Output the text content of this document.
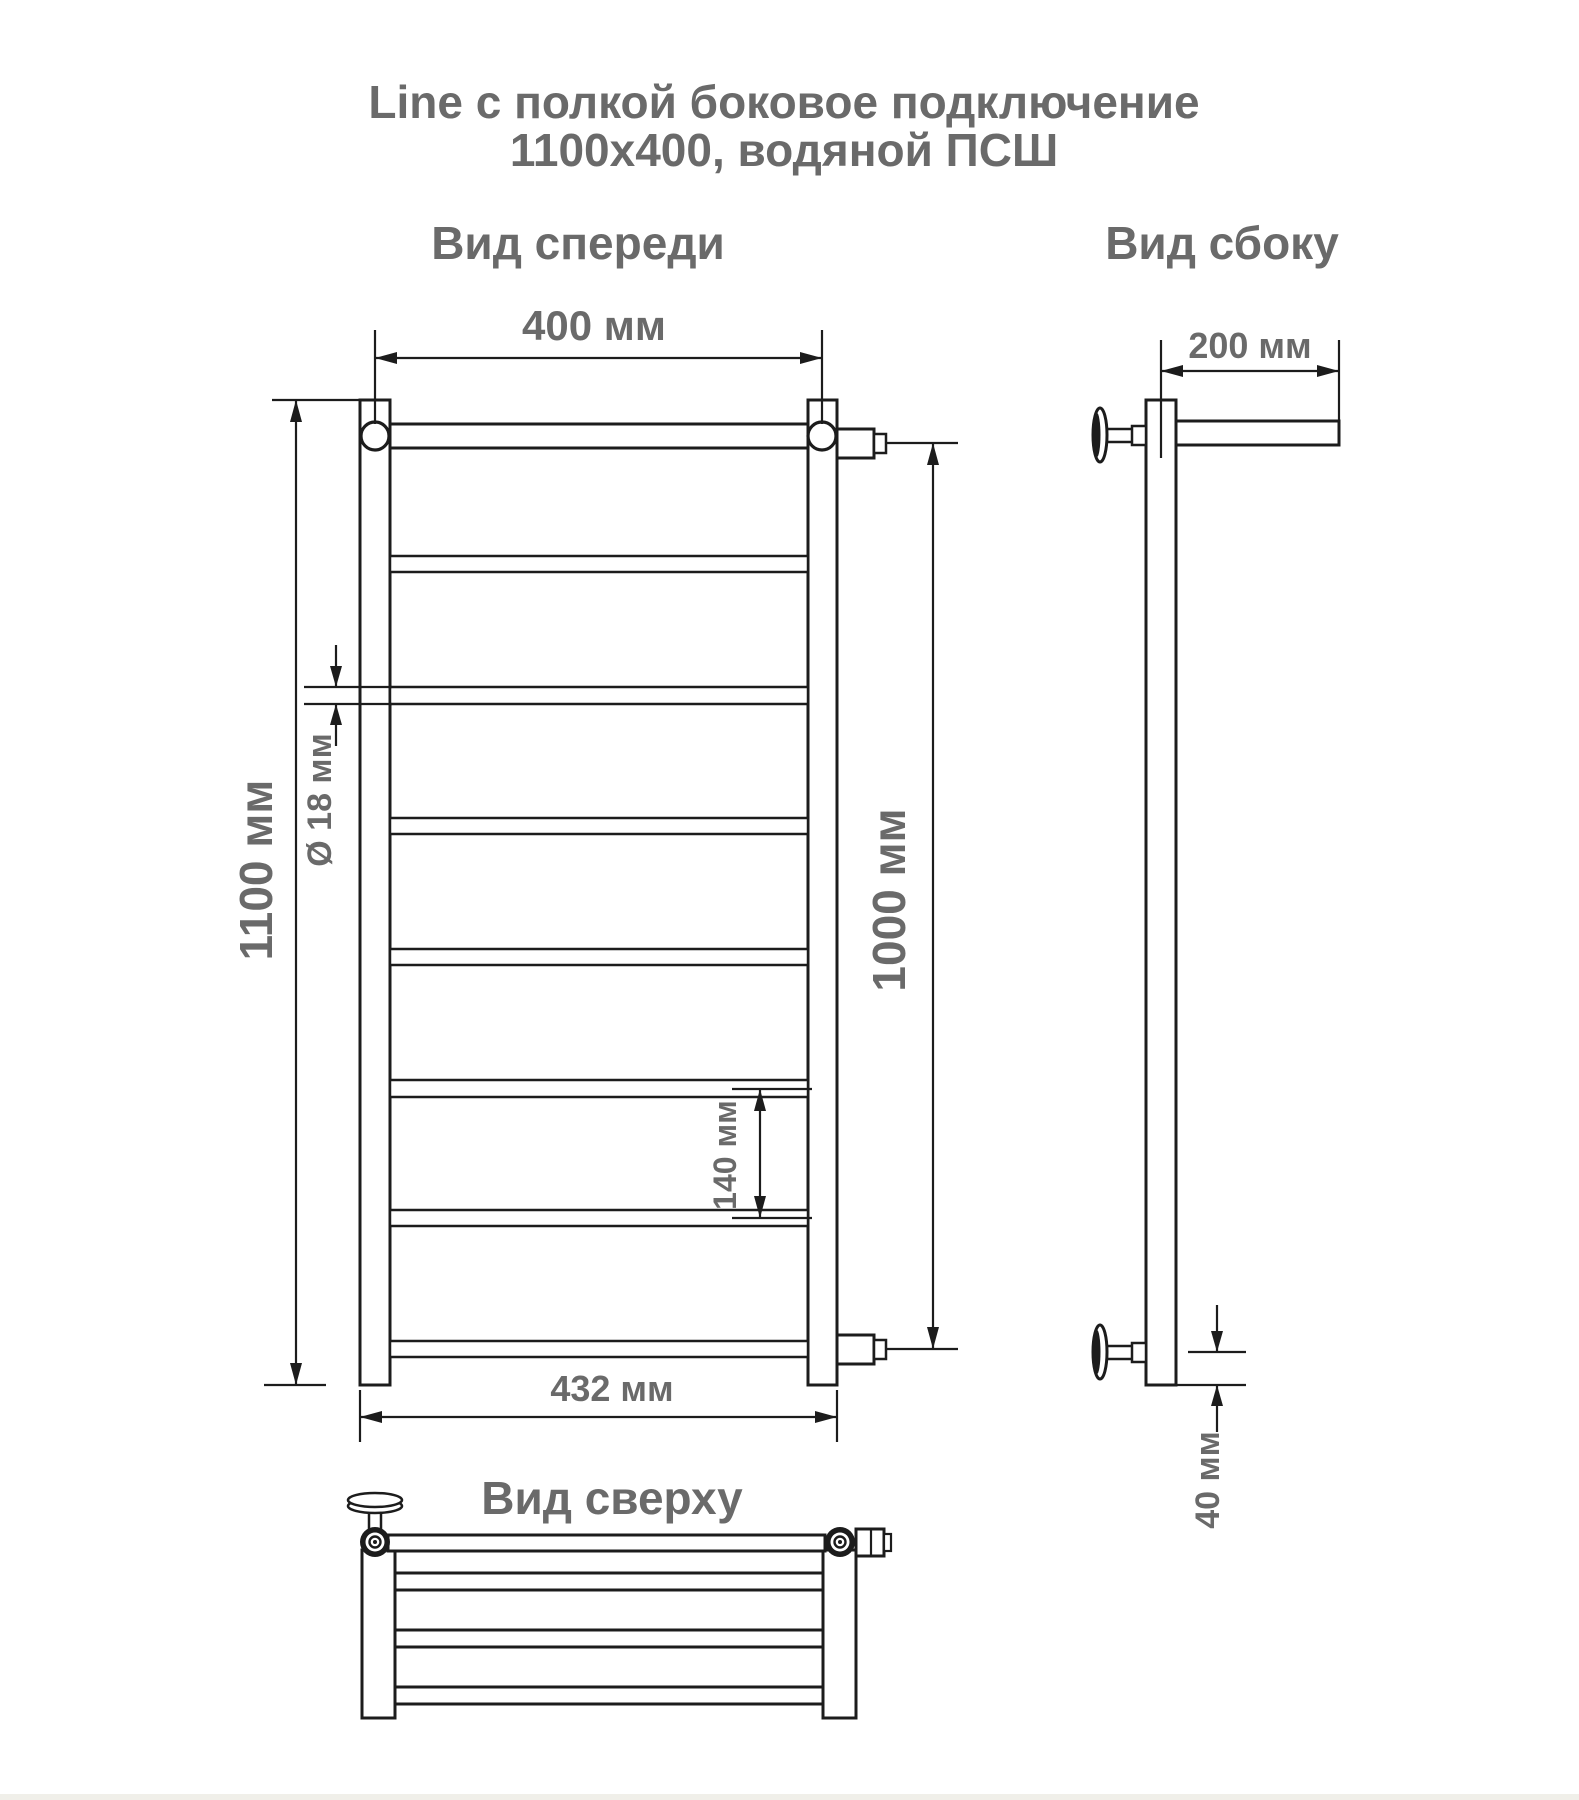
Line с полкой боковое подключение
1100x400, водяной ПСШ
Вид спереди	Вид сбоку
Вид сверху
400 мм
1100 мм	1000 мм
Ø 18 мм
140 мм
432 мм
200 мм
40 мм
